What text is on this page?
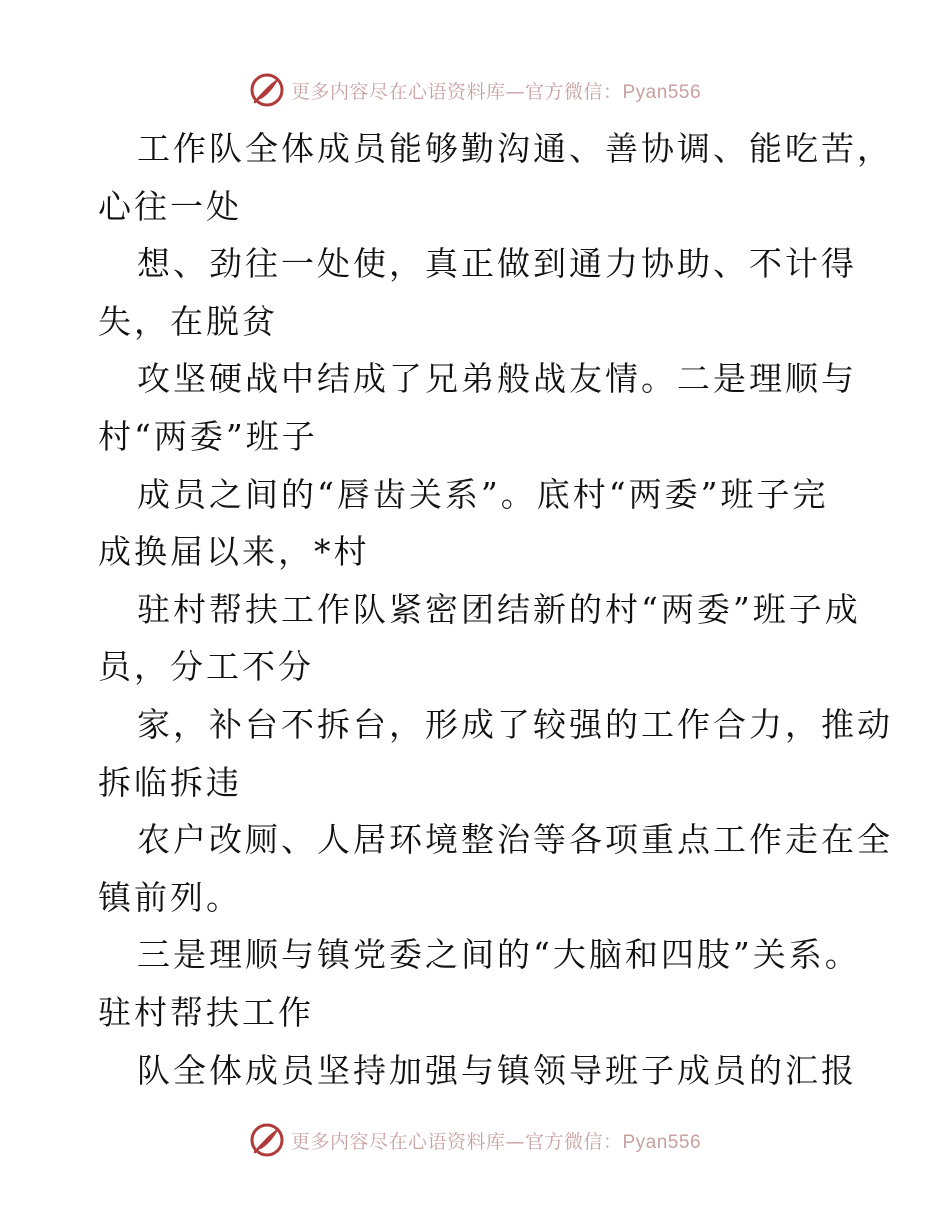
更多内容尽在心语资料库—官方微信：Pyan556
工作队全体成员能够勤沟通、善协调、能吃苦，
心往一处
想、劲往一处使，真正做到通力协助、不计得
失，在脱贫
攻坚硬战中结成了兄弟般战友情。二是理顺与
村“两委”班子
成员之间的“唇齿关系”。底村“两委”班子完
成换届以来，*村
驻村帮扶工作队紧密团结新的村“两委”班子成
员，分工不分
家，补台不拆台，形成了较强的工作合力，推动
拆临拆违
农户改厕、人居环境整治等各项重点工作走在全
镇前列。
三是理顺与镇党委之间的“大脑和四肢”关系。
驻村帮扶工作
队全体成员坚持加强与镇领导班子成员的汇报
更多内容尽在心语资料库—官方微信：Pyan556
